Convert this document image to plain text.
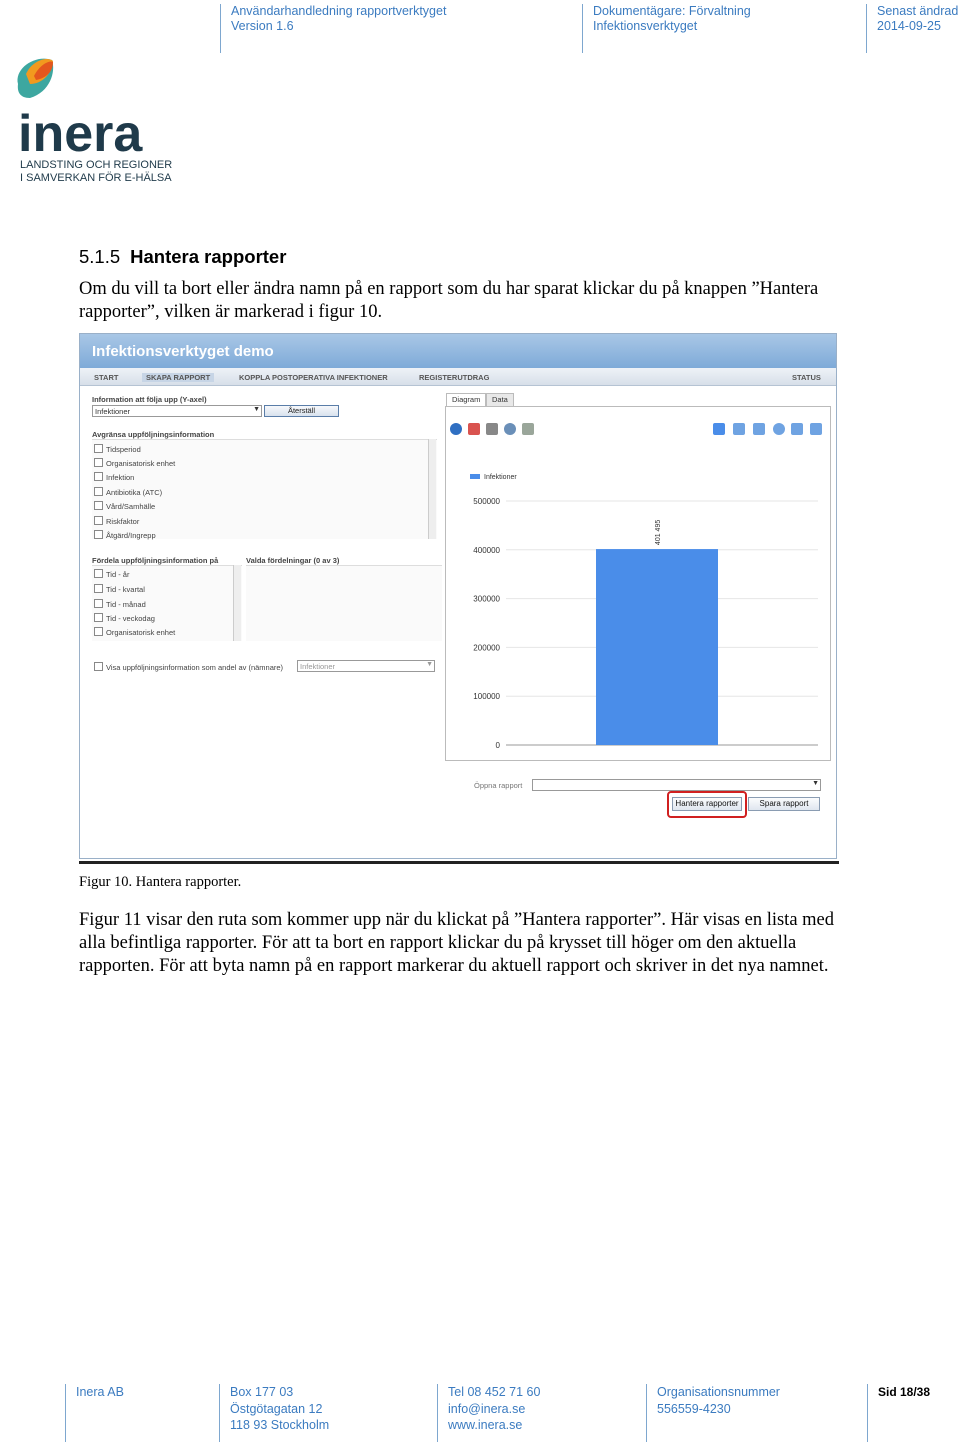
Användarhandledning rapportverktyget
Version 1.6
Dokumentägare: Förvaltning
Infektionsverktyget
Senast ändrad
2014-09-25
inera
LANDSTING OCH REGIONER
I SAMVERKAN FÖR E-HÄLSA
5.1.5 Hantera rapporter
Om du vill ta bort eller ändra namn på en rapport som du har sparat klickar du på knappen ”Hantera rapporter”, vilken är markerad i figur 10.
Infektionsverktyget demo
START	SKAPA RAPPORT	KOPPLA POSTOPERATIVA INFEKTIONER	REGISTERUTDRAG	STATUS
Information att följa upp (Y-axel)
Infektioner	▼	Återställ
Avgränsa uppföljningsinformation
Tidsperiod
Organisatorisk enhet
Infektion
Antibiotika (ATC)
Vård/Samhälle
Riskfaktor
Åtgärd/Ingrepp
Fördela uppföljningsinformation på	Valda fördelningar (0 av 3)
Tid - år
Tid - kvartal
Tid - månad
Tid - veckodag
Organisatorisk enhet
Visa uppföljningsinformation som andel av (nämnare)	Infektioner	▼
Diagram	Data
0
100000
200000
300000
400000
500000
Infektioner
401 495
Öppna rapport	▼
Hantera rapporter	Spara rapport
Figur 10. Hantera rapporter.
Figur 11 visar den ruta som kommer upp när du klickat på ”Hantera rapporter”. Här visas en lista med alla befintliga rapporter. För att ta bort en rapport klickar du på krysset till höger om den aktuella rapporten. För att byta namn på en rapport markerar du aktuell rapport och skriver in det nya namnet.
Inera AB	Box 177 03
Östgötagatan 12
118 93 Stockholm
Tel 08 452 71 60
info@inera.se
www.inera.se
Organisationsnummer
556559-4230
Sid 18/38
